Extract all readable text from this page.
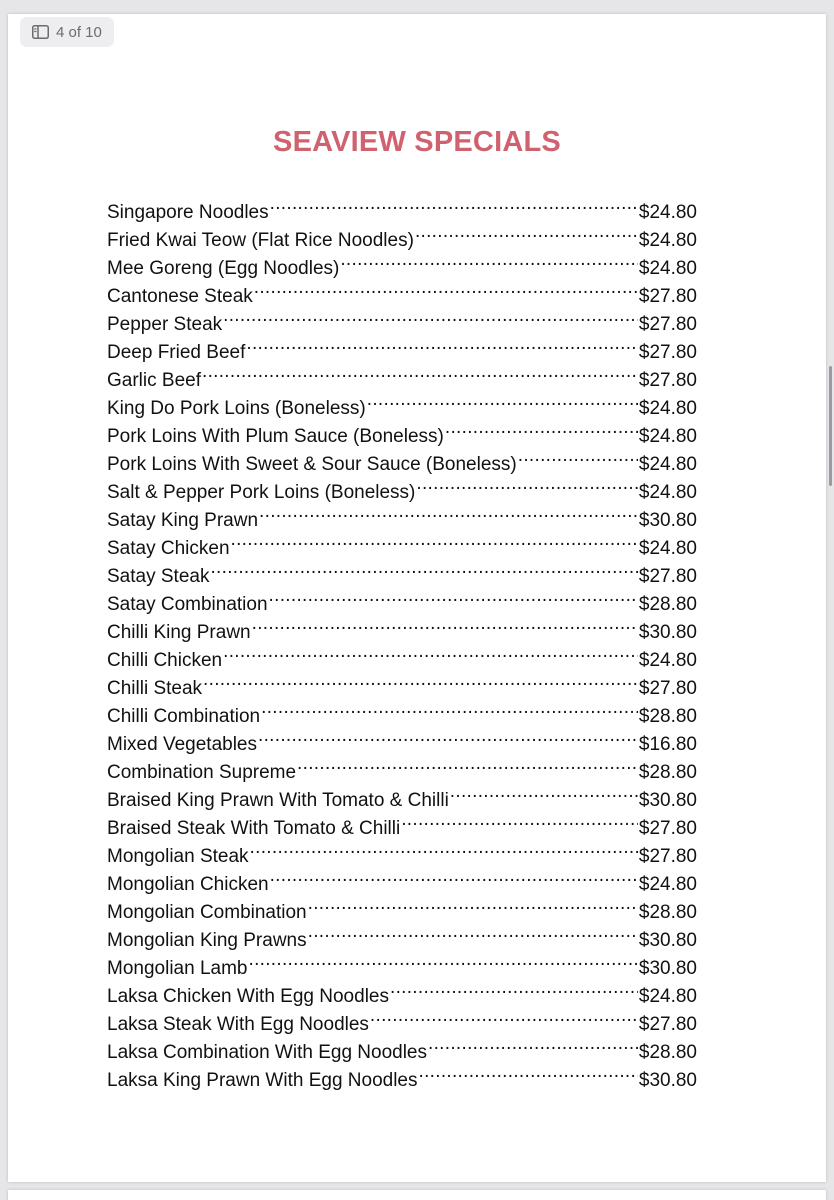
SEAVIEW SPECIALS
Singapore Noodles .....	$24.80
Fried Kwai Teow (Flat Rice Noodles) .....	$24.80
Mee Goreng (Egg Noodles) .....	$24.80
Cantonese Steak .....	$27.80
Pepper Steak .....	$27.80
Deep Fried Beef .....	$27.80
Garlic Beef .....	$27.80
King Do Pork Loins (Boneless) .....	$24.80
Pork Loins With Plum Sauce (Boneless) .....	$24.80
Pork Loins With Sweet & Sour Sauce (Boneless) .....	$24.80
Salt & Pepper Pork Loins (Boneless) .....	$24.80
Satay King Prawn .....	$30.80
Satay Chicken .....	$24.80
Satay Steak .....	$27.80
Satay Combination .....	$28.80
Chilli King Prawn .....	$30.80
Chilli Chicken .....	$24.80
Chilli Steak .....	$27.80
Chilli Combination .....	$28.80
Mixed Vegetables .....	$16.80
Combination Supreme .....	$28.80
Braised King Prawn With Tomato & Chilli .....	$30.80
Braised Steak With Tomato & Chilli .....	$27.80
Mongolian Steak .....	$27.80
Mongolian Chicken .....	$24.80
Mongolian Combination .....	$28.80
Mongolian King Prawns .....	$30.80
Mongolian Lamb .....	$30.80
Laksa Chicken With Egg Noodles .....	$24.80
Laksa Steak With Egg Noodles .....	$27.80
Laksa Combination With Egg Noodles .....	$28.80
Laksa King Prawn With Egg Noodles .....	$30.80
4 of 10
